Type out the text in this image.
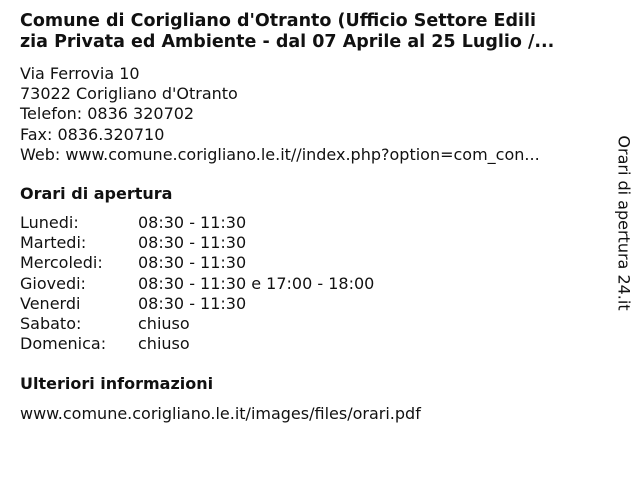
Comune di Corigliano d'Otranto (Ufficio Settore Edili
zia Privata ed Ambiente - dal 07 Aprile al 25 Luglio /...
Via Ferrovia 10
73022 Corigliano d'Otranto
Telefon: 0836 320702
Fax: 0836.320710
Web: www.comune.corigliano.le.it//index.php?option=com_con...
Orari di apertura
Lunedi:	08:30 - 11:30
Martedi:	08:30 - 11:30
Mercoledi:	08:30 - 11:30
Giovedi:	08:30 - 11:30 e 17:00 - 18:00
Venerdi	08:30 - 11:30
Sabato:	chiuso
Domenica:	chiuso
Ulteriori informazioni
www.comune.corigliano.le.it/images/files/orari.pdf
Orari di apertura 24.it
